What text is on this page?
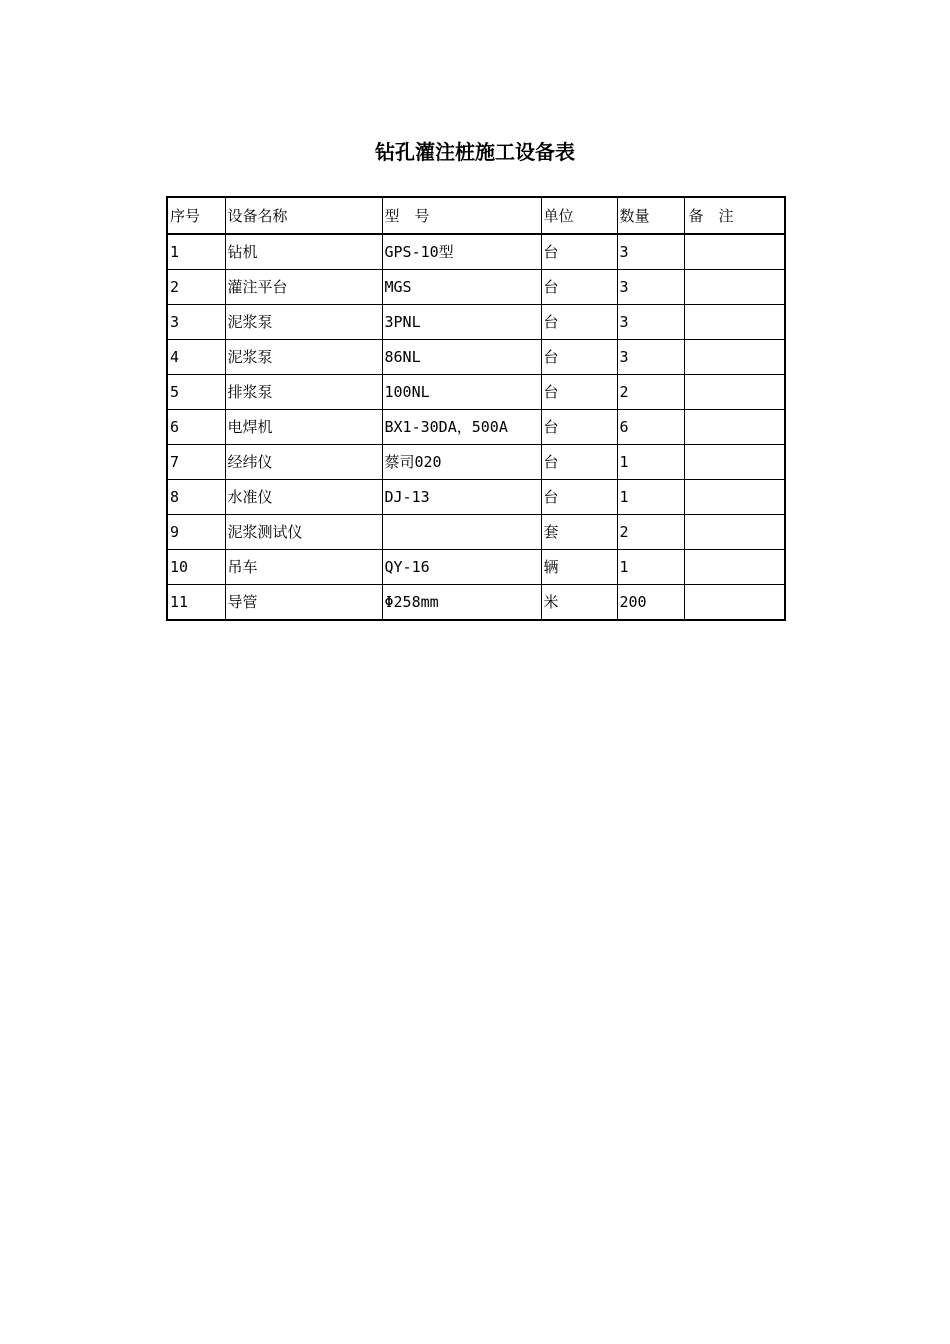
钻孔灌注桩施工设备表
序号	设备名称	型　号	单位	数量	备　注
1	钻机	GPS-10型	台	3	
2	灌注平台	MGS	台	3	
3	泥浆泵	3PNL	台	3	
4	泥浆泵	86NL	台	3	
5	排浆泵	100NL	台	2	
6	电焊机	BX1-30DA，500A	台	6	
7	经纬仪	蔡司020	台	1	
8	水准仪	DJ-13	台	1	
9	泥浆测试仪		套	2	
10	吊车	QY-16	辆	1	
11	导管	Φ258mm	米	200	
